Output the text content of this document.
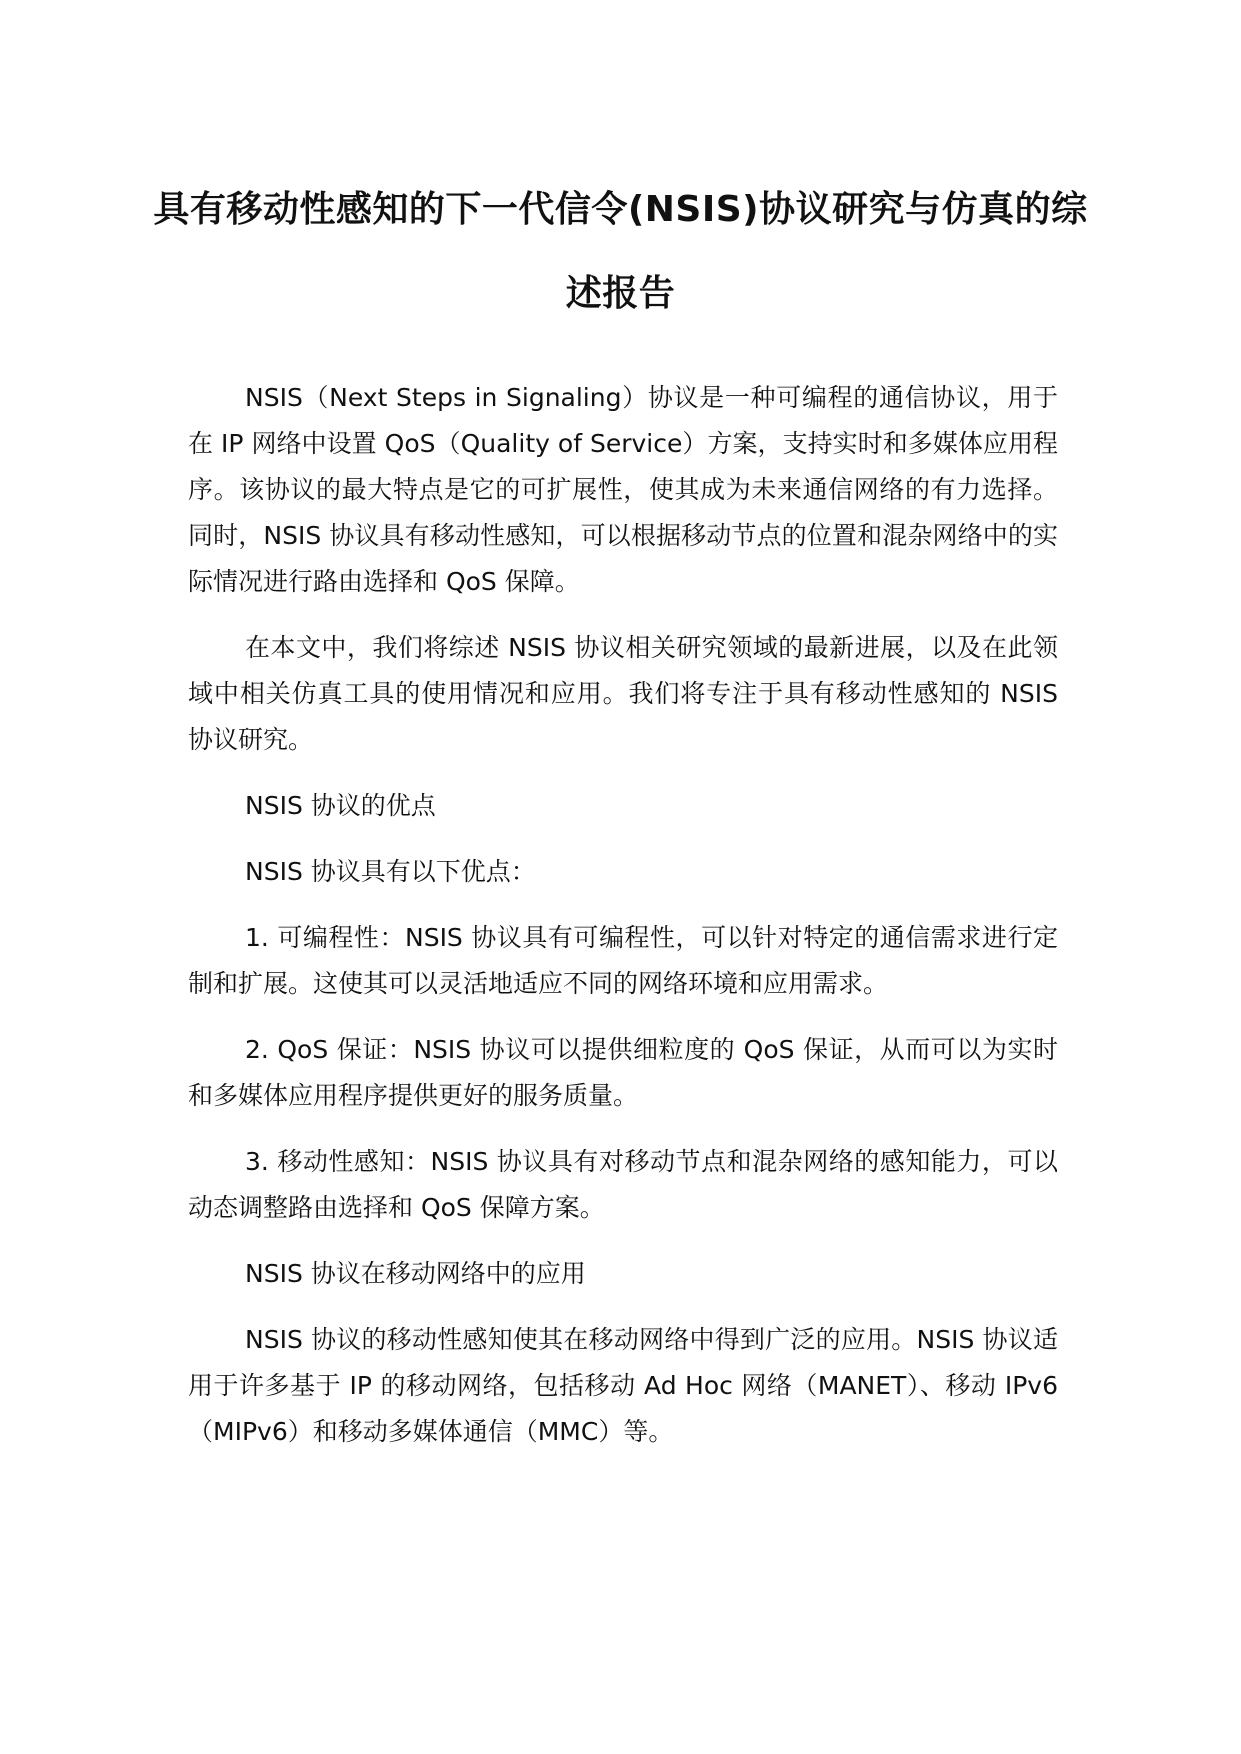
具有移动性感知的下一代信令(NSIS)协议研究与仿真的综述报告

NSIS（Next Steps in Signaling）协议是一种可编程的通信协议，用于在 IP 网络中设置 QoS（Quality of Service）方案，支持实时和多媒体应用程序。该协议的最大特点是它的可扩展性，使其成为未来通信网络的有力选择。同时，NSIS 协议具有移动性感知，可以根据移动节点的位置和混杂网络中的实际情况进行路由选择和 QoS 保障。

在本文中，我们将综述 NSIS 协议相关研究领域的最新进展，以及在此领域中相关仿真工具的使用情况和应用。我们将专注于具有移动性感知的 NSIS 协议研究。

NSIS 协议的优点

NSIS 协议具有以下优点：

1. 可编程性：NSIS 协议具有可编程性，可以针对特定的通信需求进行定制和扩展。这使其可以灵活地适应不同的网络环境和应用需求。

2. QoS 保证：NSIS 协议可以提供细粒度的 QoS 保证，从而可以为实时和多媒体应用程序提供更好的服务质量。

3. 移动性感知：NSIS 协议具有对移动节点和混杂网络的感知能力，可以动态调整路由选择和 QoS 保障方案。

NSIS 协议在移动网络中的应用

NSIS 协议的移动性感知使其在移动网络中得到广泛的应用。NSIS 协议适用于许多基于 IP 的移动网络，包括移动 Ad Hoc 网络（MANET）、移动 IPv6（MIPv6）和移动多媒体通信（MMC）等。
